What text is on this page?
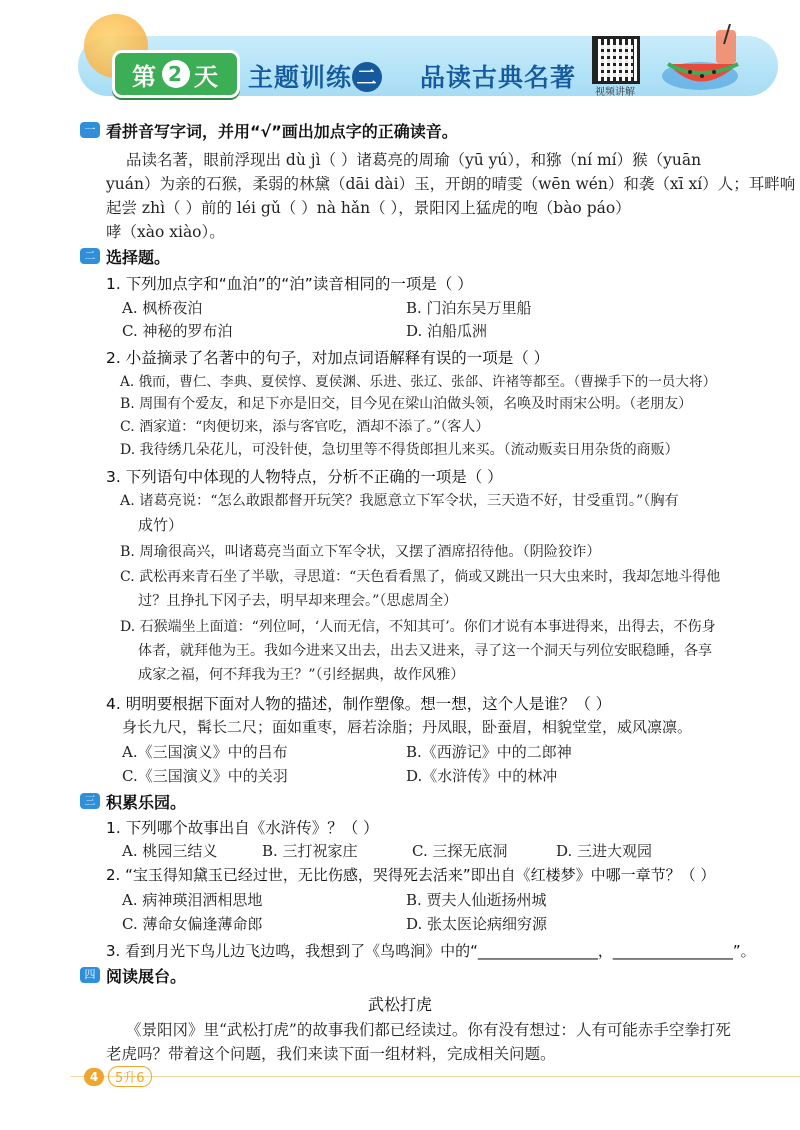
第 2 天 主题训练 二 品读古典名著
视频讲解
一 看拼音写字词，并用“√”画出加点字的正确读音。
品读名著，眼前浮现出 dù jì（ ）诸葛亮的周瑜（yū yú），和猕（ní mí）猴（yuān
yuán）为亲的石猴，柔弱的林黛（dāi dài）玉，开朗的晴雯（wēn wén）和袭（xī xí）人；耳畔响
起尝 zhì（ ）前的 léi gǔ（ ）nà hǎn（ ），景阳冈上猛虎的咆（bào páo）
哮（xào xiào）。
二 选择题。
1. 下列加点字和“血泊”的“泊”读音相同的一项是（ ）
A. 枫桥夜泊	B. 门泊东吴万里船
C. 神秘的罗布泊	D. 泊船瓜洲
2. 小益摘录了名著中的句子，对加点词语解释有误的一项是（ ）
A. 俄而，曹仁、李典、夏侯惇、夏侯渊、乐进、张辽、张郃、许褚等都至。（曹操手下的一员大将）
B. 周围有个爱友，和足下亦是旧交，目今见在梁山泊做头领，名唤及时雨宋公明。（老朋友）
C. 酒家道：“肉便切来，添与客官吃，酒却不添了。”（客人）
D. 我待绣几朵花儿，可没针使，急切里等不得货郎担儿来买。（流动贩卖日用杂货的商贩）
3. 下列语句中体现的人物特点，分析不正确的一项是（ ）
A. 诸葛亮说：“怎么敢跟都督开玩笑？我愿意立下军令状，三天造不好，甘受重罚。”（胸有
成竹）
B. 周瑜很高兴，叫诸葛亮当面立下军令状，又摆了酒席招待他。（阴险狡诈）
C. 武松再来青石坐了半歇，寻思道：“天色看看黑了，倘或又跳出一只大虫来时，我却怎地斗得他
过？且挣扎下冈子去，明早却来理会。”（思虑周全）
D. 石猴端坐上面道：“列位呵，‘人而无信，不知其可’。你们才说有本事进得来，出得去，不伤身
体者，就拜他为王。我如今进来又出去，出去又进来，寻了这一个洞天与列位安眠稳睡，各享
成家之福，何不拜我为王？”（引经据典，故作风雅）
4. 明明要根据下面对人物的描述，制作塑像。想一想，这个人是谁？（ ）
身长九尺，髯长二尺；面如重枣，唇若涂脂；丹凤眼，卧蚕眉，相貌堂堂，威风凛凛。
A.《三国演义》中的吕布	B.《西游记》中的二郎神
C.《三国演义》中的关羽	D.《水浒传》中的林冲
三 积累乐园。
1. 下列哪个故事出自《水浒传》？（ ）
A. 桃园三结义	B. 三打祝家庄	C. 三探无底洞	D. 三进大观园
2. “宝玉得知黛玉已经过世，无比伤感，哭得死去活来”即出自《红楼梦》中哪一章节？（ ）
A. 病神瑛泪洒相思地	B. 贾夫人仙逝扬州城
C. 薄命女偏逢薄命郎	D. 张太医论病细穷源
3. 看到月光下鸟儿边飞边鸣，我想到了《鸟鸣涧》中的“________________，________________”。
四 阅读展台。
武松打虎
《景阳冈》里“武松打虎”的故事我们都已经读过。你有没有想过：人有可能赤手空拳打死
老虎吗？带着这个问题，我们来读下面一组材料，完成相关问题。
4	5升6
